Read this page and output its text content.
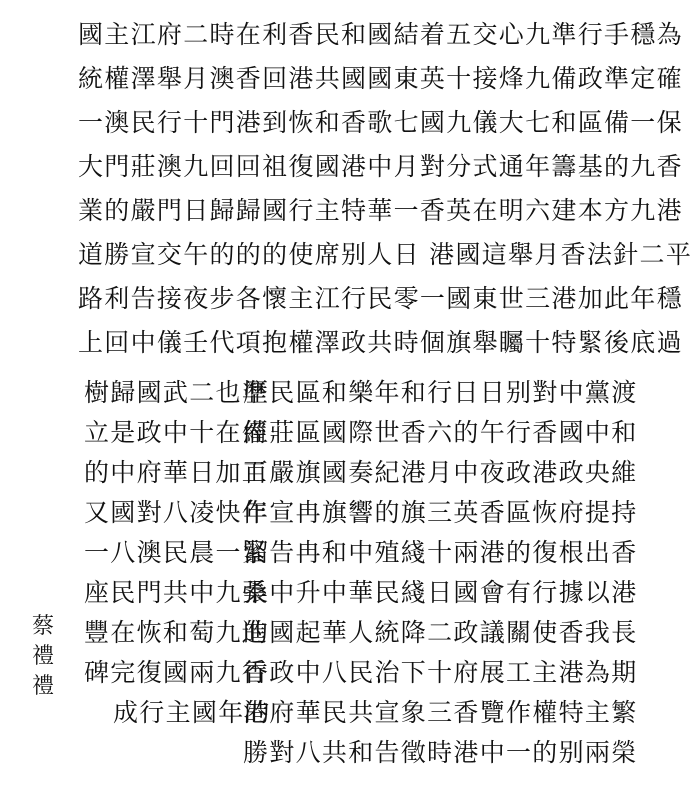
國主江府二時在利香民和國結着五交心九準行手穩為
統權澤舉月澳香回港共國國東英十接烽九備政準定確
一澳民行十門港到恢和香歌七國九儀大七和區備一保
大門莊澳九回回祖復國港中月對分式通年籌基的九香
業的嚴門日歸歸國行主特華一香英在明六建本方九港
道勝宣交午的的的使席别人日 港國這舉月香法針二平
路利告接夜步各懷主江行民零一國東世三港加此年穩
上回中儀壬代項抱權澤政共時個旗舉矚十特緊後底過
樹歸國武二也準
立是政中十在備
的中府華日加工
又國對八凌快作
一八澳民晨一緊
座民門共中九張
豐在恢和萄九進
碑完復國兩九行
成行主國年的
歷民區和樂年和行日日别對中黨渡
經莊區國際世香六的午行香國中和
百嚴旗國奏紀港月中夜政港政央維
年宣冉旗響的旗三英香區恢府提持
溜告冉和中殖綫十兩港的復根出香
桑中升中華民綫日國會有行據以港
的國起華人統降二政議關使香我長
香政中八民治下十府展工主港為期
蔡
禮
禮
港府華民共宣象三香覽作權特主繁
勝對八共和告徵時港中一的别兩榮
